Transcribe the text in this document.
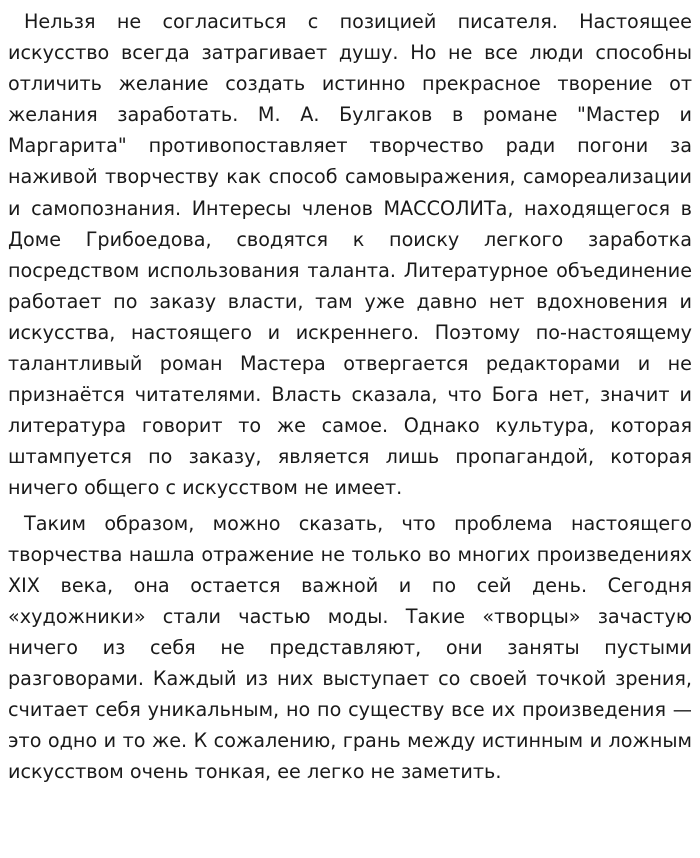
Нельзя не согласиться с позицией писателя. Настоящее искусство всегда затрагивает душу. Но не все люди способны отличить желание создать истинно прекрасное творение от желания заработать. М. А. Булгаков в романе "Мастер и Маргарита" противопоставляет творчество ради погони за наживой творчеству как способ самовыражения, самореализации и самопознания. Интересы членов МАССОЛИТа, находящегося в Доме Грибоедова, сводятся к поиску легкого заработка посредством использования таланта. Литературное объединение работает по заказу власти, там уже давно нет вдохновения и искусства, настоящего и искреннего. Поэтому по-настоящему талантливый роман Мастера отвергается редакторами и не признаётся читателями. Власть сказала, что Бога нет, значит и литература говорит то же самое. Однако культура, которая штампуется по заказу, является лишь пропагандой, которая ничего общего с искусством не имеет.

Таким образом, можно сказать, что проблема настоящего творчества нашла отражение не только во многих произведениях XIX века, она остается важной и по сей день. Сегодня «художники» стали частью моды. Такие «творцы» зачастую ничего из себя не представляют, они заняты пустыми разговорами. Каждый из них выступает со своей точкой зрения, считает себя уникальным, но по существу все их произведения — это одно и то же. К сожалению, грань между истинным и ложным искусством очень тонкая, ее легко не заметить.
